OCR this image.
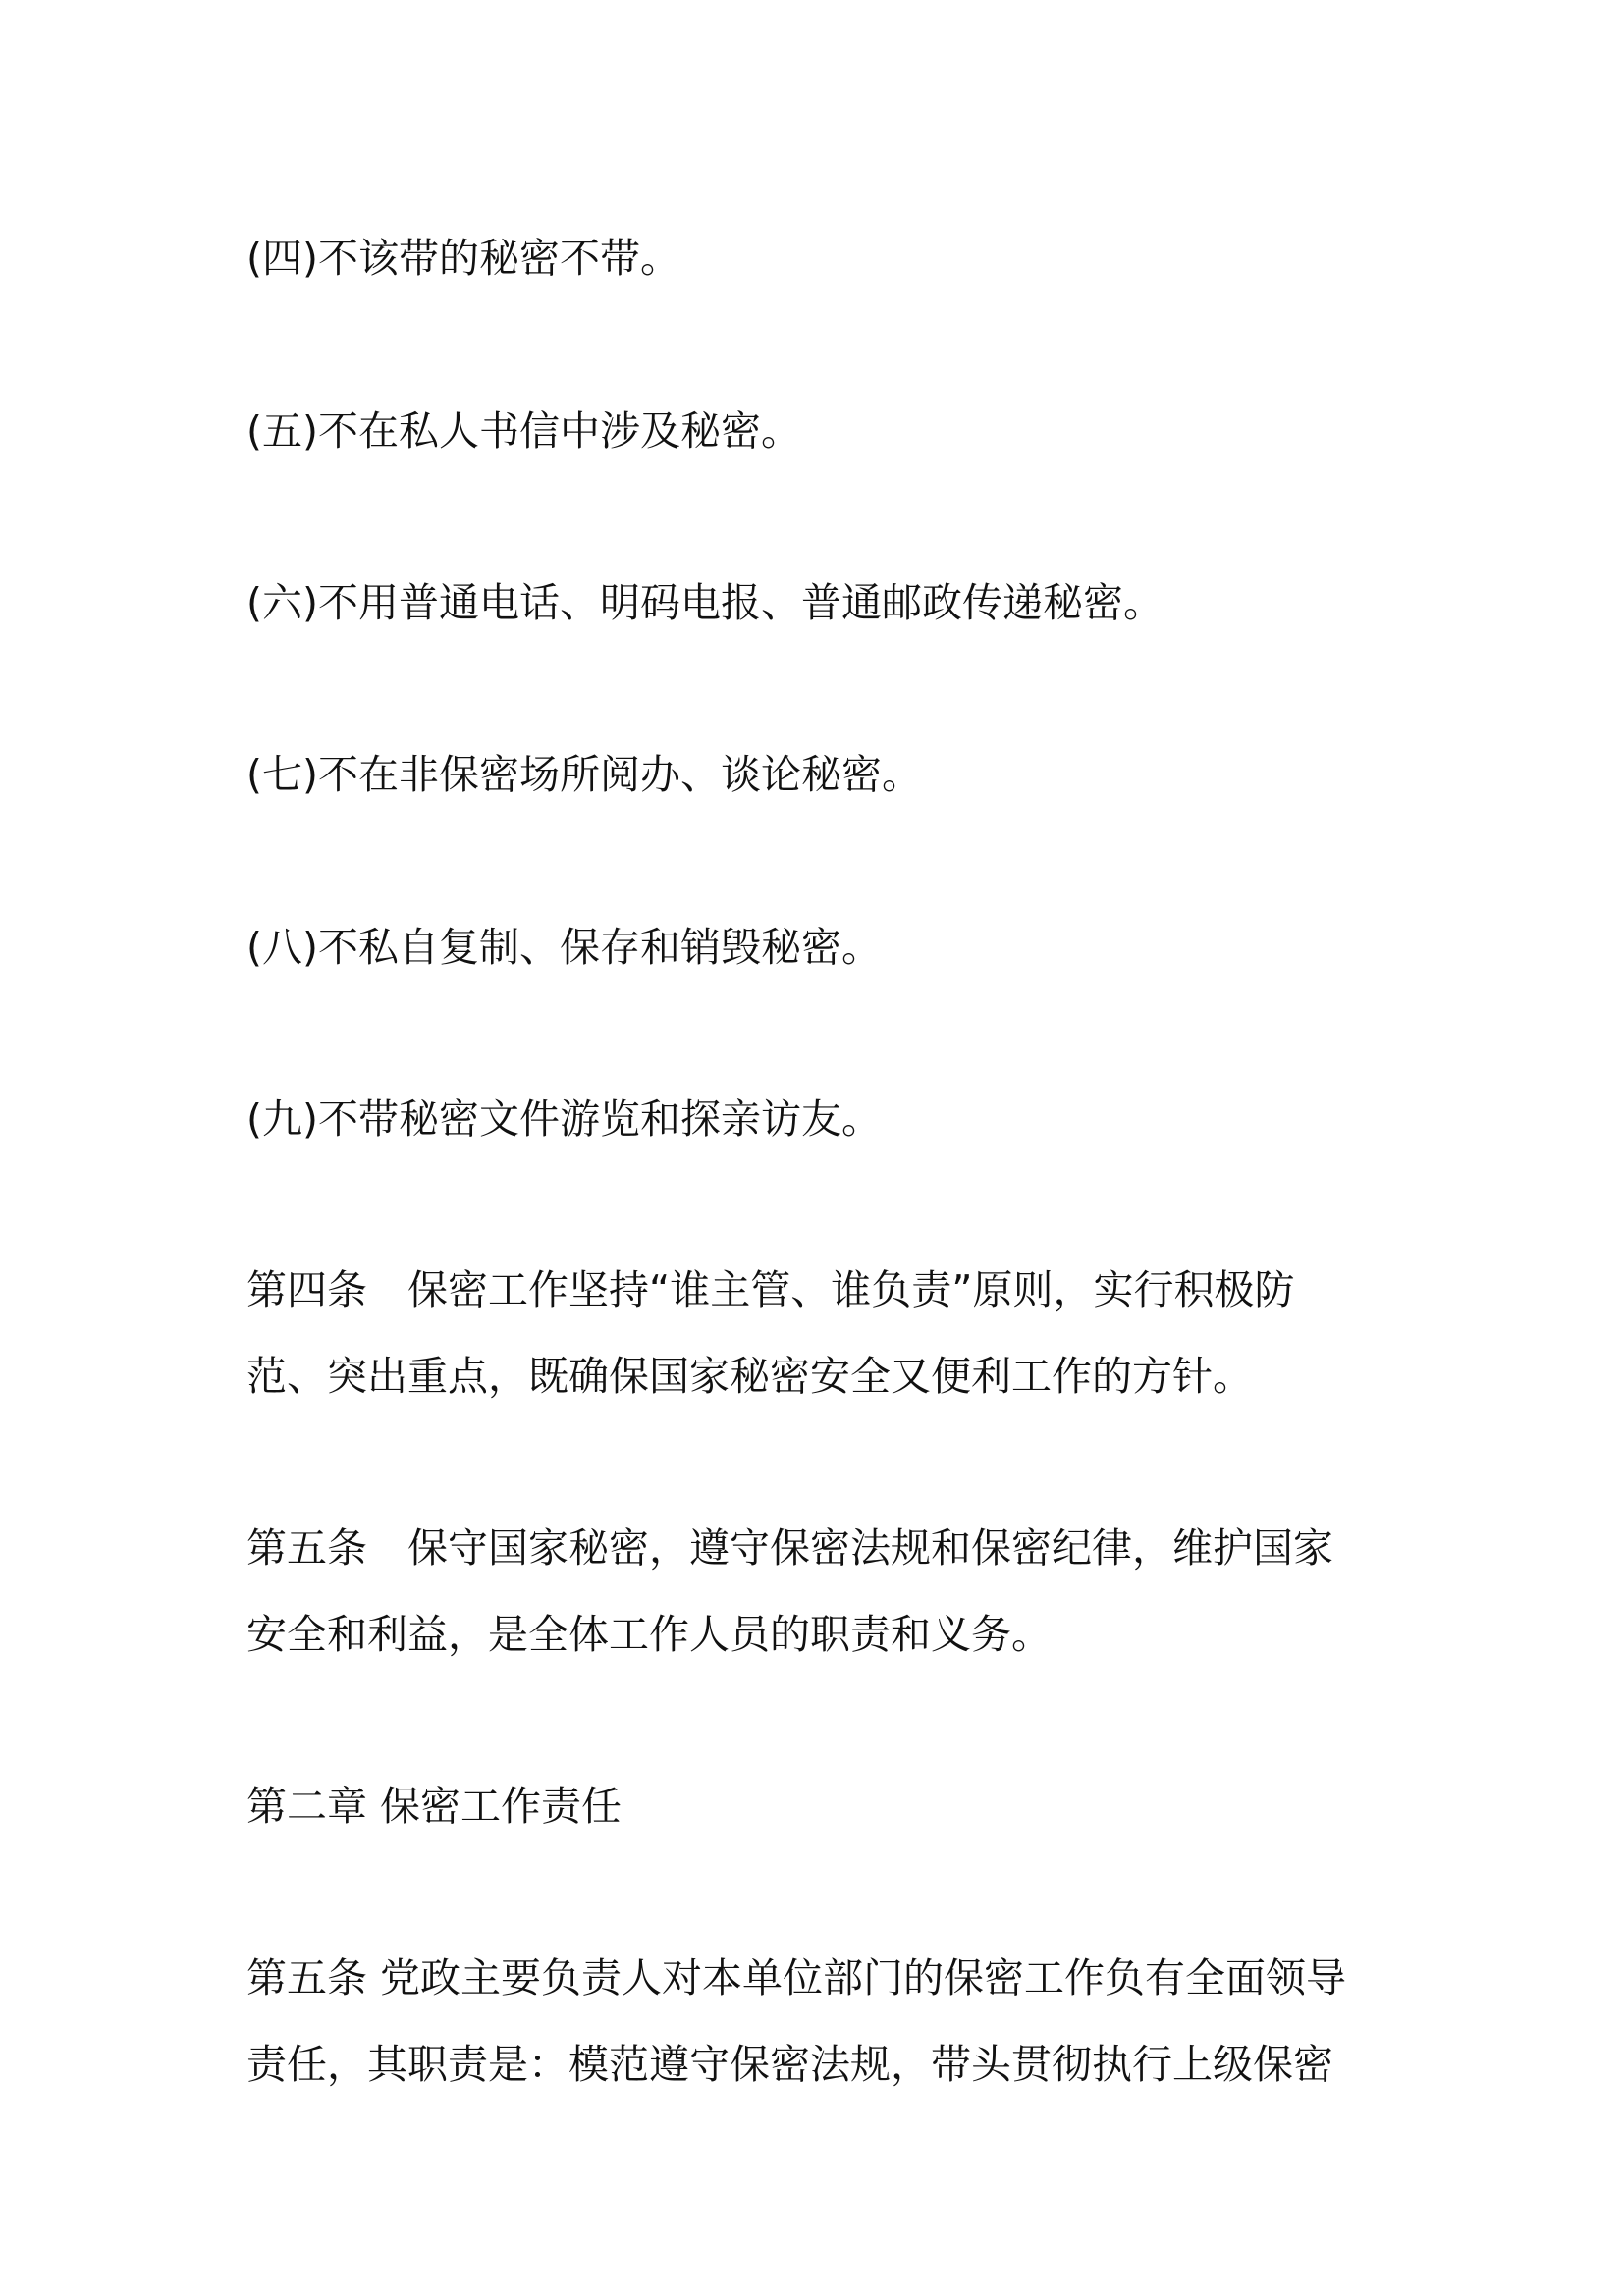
(四)不该带的秘密不带。
(五)不在私人书信中涉及秘密。
(六)不用普通电话、明码电报、普通邮政传递秘密。
(七)不在非保密场所阅办、谈论秘密。
(八)不私自复制、保存和销毁秘密。
(九)不带秘密文件游览和探亲访友。
第四条　保密工作坚持“谁主管、谁负责”原则，实行积极防
范、突出重点，既确保国家秘密安全又便利工作的方针。
第五条　保守国家秘密，遵守保密法规和保密纪律，维护国家
安全和利益，是全体工作人员的职责和义务。
第二章 保密工作责任
第五条 党政主要负责人对本单位部门的保密工作负有全面领导
责任，其职责是：模范遵守保密法规，带头贯彻执行上级保密
